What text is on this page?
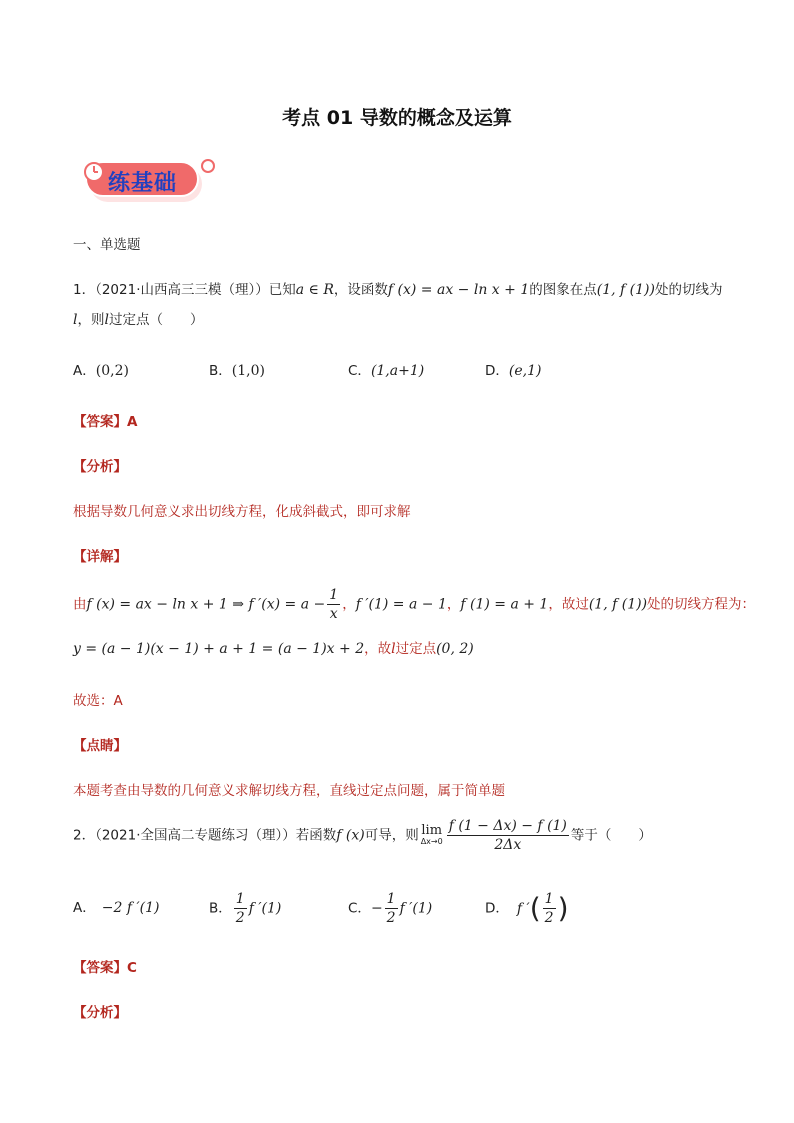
考点 01 导数的概念及运算
练基础
一、单选题
1．（2021·山西高三三模（理））已知a ∈ R，设函数f (x) = ax − ln x + 1的图象在点(1, f (1))处的切线为
l，则l过定点（　　）
A．(0,2)	B．(1,0)	C．(1,a+1)	D．(e,1)
【答案】A
【分析】
根据导数几何意义求出切线方程，化成斜截式，即可求解
【详解】
由f (x) = ax − ln x + 1 ⇒ f $'(x) = a - \frac{1}{x}$ ，f ′(1) = a − 1，f (1) = a + 1，故过(1, f (1))处的切线方程为：
y = (a − 1)(x − 1) + a + 1 = (a − 1)x + 2，故l过定点(0, 2)
故选：A
【点睛】
本题考查由导数的几何意义求解切线方程，直线过定点问题，属于简单题
2．（2021·全国高二专题练习（理））若函数f (x)可导，则 lim
$\Delta x\to 0 \frac{f (1 - \Delta x) - f (1)}{2\Delta x}$ 等于（　　）
A． −2 f ′(1)	B． $\frac{1}{2}$ f ′(1)	C．− $\frac{1}{2}$ f ′(1)	D． f ′( $\frac{1}{2}$ )
【答案】C
【分析】
